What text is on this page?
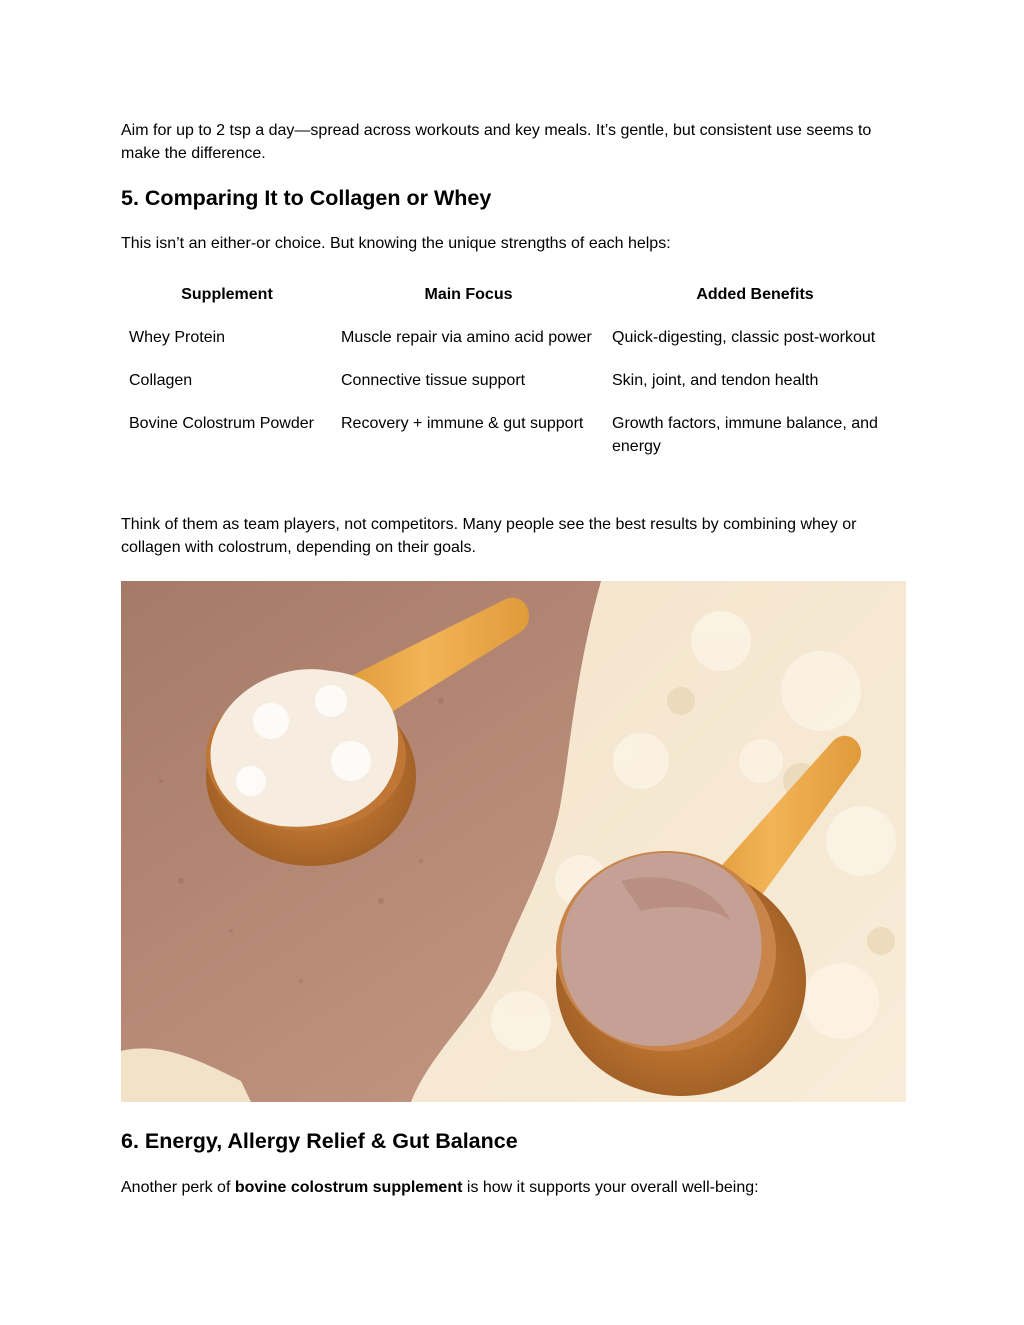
Aim for up to 2 tsp a day—spread across workouts and key meals. It’s gentle, but consistent use seems to make the difference.

5. Comparing It to Collagen or Whey

This isn’t an either-or choice. But knowing the unique strengths of each helps:

Supplement	Main Focus	Added Benefits
Whey Protein	Muscle repair via amino acid power	Quick-digesting, classic post-workout
Collagen	Connective tissue support	Skin, joint, and tendon health
Bovine Colostrum Powder	Recovery + immune & gut support	Growth factors, immune balance, and energy

Think of them as team players, not competitors. Many people see the best results by combining whey or collagen with colostrum, depending on their goals.

6. Energy, Allergy Relief & Gut Balance

Another perk of bovine colostrum supplement is how it supports your overall well-being:
